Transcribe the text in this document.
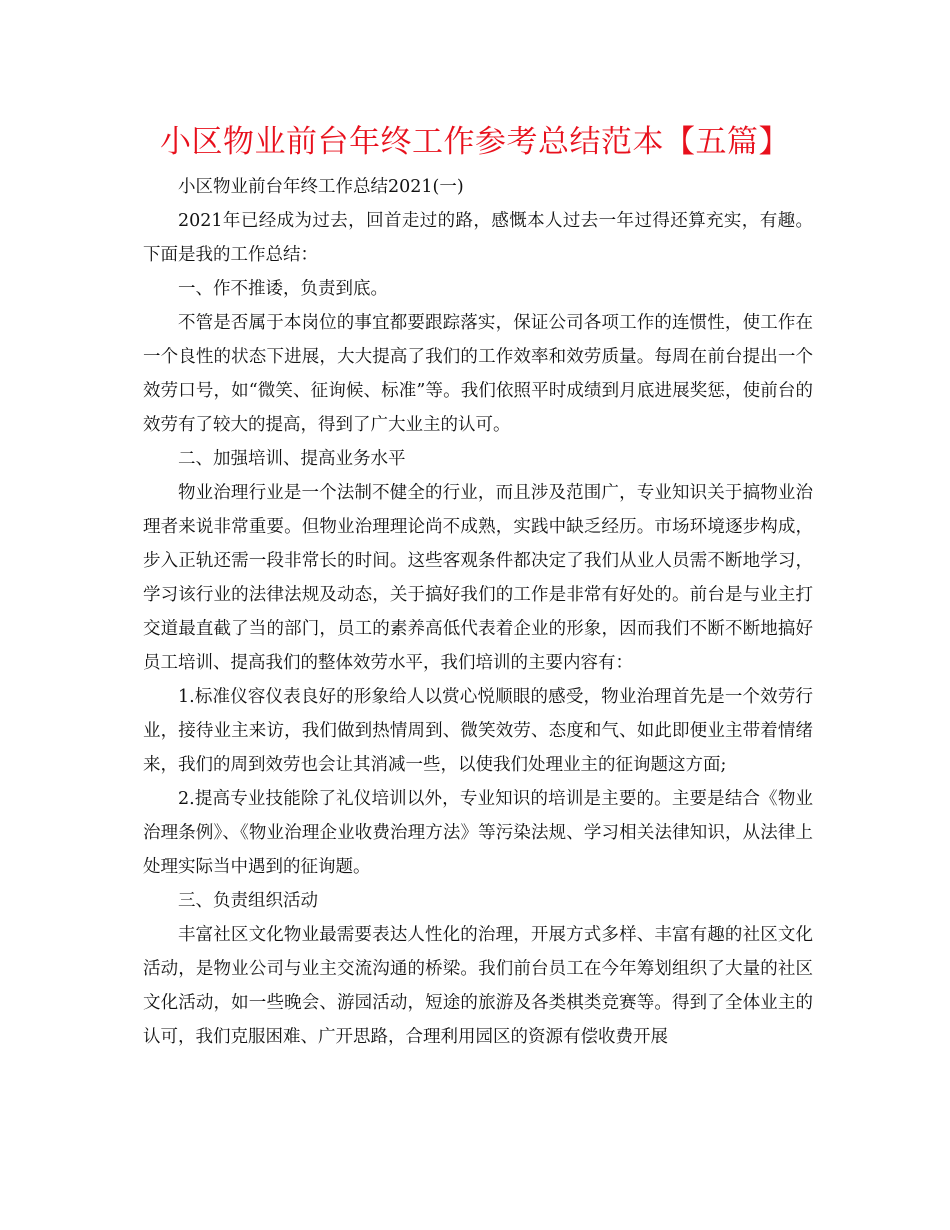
小区物业前台年终工作参考总结范本【五篇】

小区物业前台年终工作总结2021(一)

2021年已经成为过去，回首走过的路，感慨本人过去一年过得还算充实，有趣。下面是我的工作总结：

一、作不推诿，负责到底。

不管是否属于本岗位的事宜都要跟踪落实，保证公司各项工作的连惯性，使工作在一个良性的状态下进展，大大提高了我们的工作效率和效劳质量。每周在前台提出一个效劳口号，如“微笑、征询候、标准”等。我们依照平时成绩到月底进展奖惩，使前台的效劳有了较大的提高，得到了广大业主的认可。

二、加强培训、提高业务水平

物业治理行业是一个法制不健全的行业，而且涉及范围广，专业知识关于搞物业治理者来说非常重要。但物业治理理论尚不成熟，实践中缺乏经历。市场环境逐步构成，步入正轨还需一段非常长的时间。这些客观条件都决定了我们从业人员需不断地学习，学习该行业的法律法规及动态，关于搞好我们的工作是非常有好处的。前台是与业主打交道最直截了当的部门，员工的素养高低代表着企业的形象，因而我们不断不断地搞好员工培训、提高我们的整体效劳水平，我们培训的主要内容有：

1.标准仪容仪表良好的形象给人以赏心悦顺眼的感受，物业治理首先是一个效劳行业，接待业主来访，我们做到热情周到、微笑效劳、态度和气、如此即便业主带着情绪来，我们的周到效劳也会让其消减一些，以使我们处理业主的征询题这方面;

2.提高专业技能除了礼仪培训以外，专业知识的培训是主要的。主要是结合《物业治理条例》、《物业治理企业收费治理方法》等污染法规、学习相关法律知识，从法律上处理实际当中遇到的征询题。

三、负责组织活动

丰富社区文化物业最需要表达人性化的治理，开展方式多样、丰富有趣的社区文化活动，是物业公司与业主交流沟通的桥梁。我们前台员工在今年筹划组织了大量的社区文化活动，如一些晚会、游园活动，短途的旅游及各类棋类竞赛等。得到了全体业主的认可，我们克服困难、广开思路，合理利用园区的资源有偿收费开展
